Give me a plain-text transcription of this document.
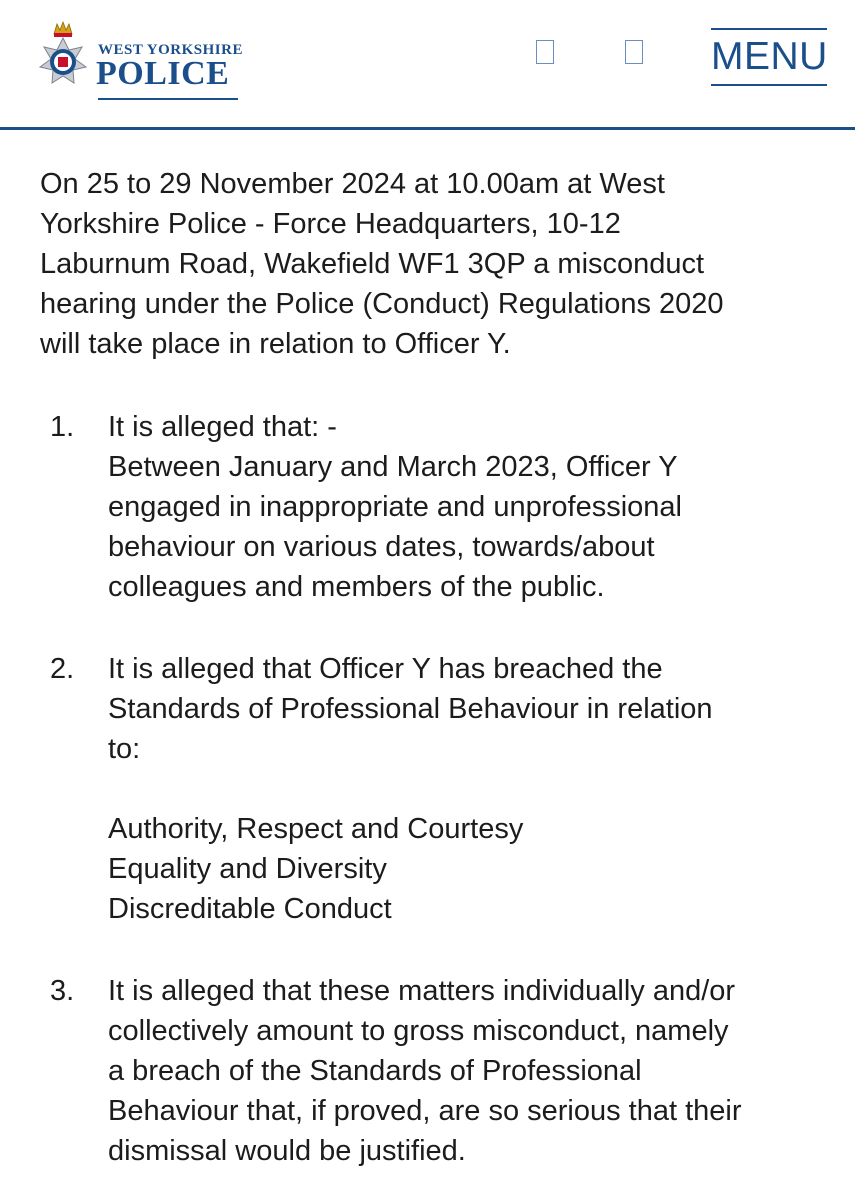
WEST YORKSHIRE
POLICE	MENU
On 25 to 29 November 2024 at 10.00am at West
Yorkshire Police - Force Headquarters, 10-12
Laburnum Road, Wakefield WF1 3QP a misconduct
hearing under the Police (Conduct) Regulations 2020
will take place in relation to Officer Y.
1. It is alleged that: -
Between January and March 2023, Officer Y
engaged in inappropriate and unprofessional
behaviour on various dates, towards/about
colleagues and members of the public.
2. It is alleged that Officer Y has breached the
Standards of Professional Behaviour in relation
to:
Authority, Respect and Courtesy
Equality and Diversity
Discreditable Conduct
3. It is alleged that these matters individually and/or
collectively amount to gross misconduct, namely
a breach of the Standards of Professional
Behaviour that, if proved, are so serious that their
dismissal would be justified.
